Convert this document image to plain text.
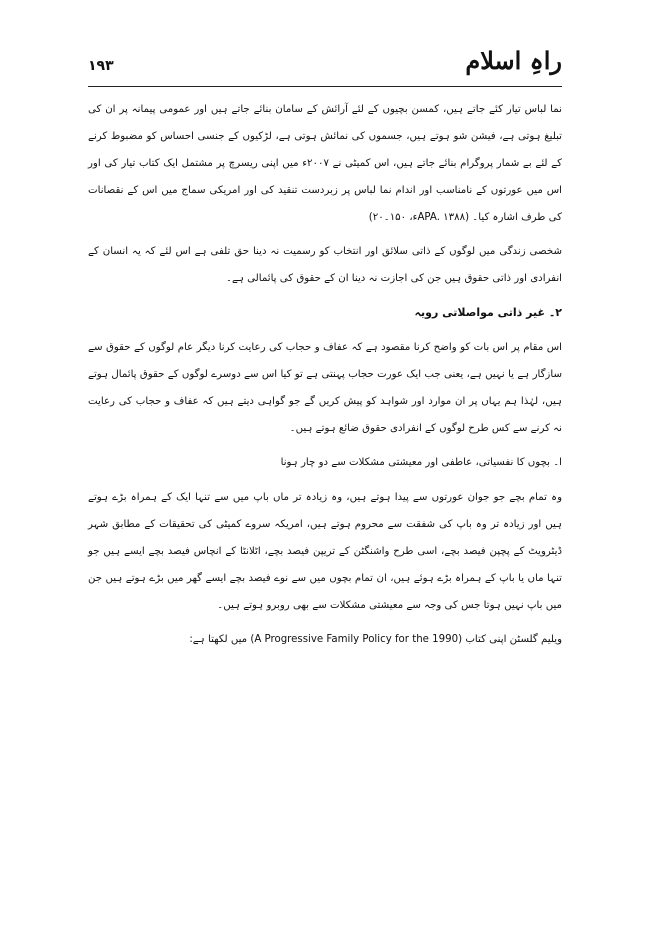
راہِ اسلام
۱۹۳

نما لباس تیار کئے جاتے ہیں، کمسن بچیوں کے لئے آرائش کے سامان بنائے جاتے ہیں اور عمومی پیمانہ پر ان کی تبلیغ ہوتی ہے، فیشن شو ہوتے ہیں، جسموں کی نمائش ہوتی ہے، لڑکیوں کے جنسی احساس کو مضبوط کرنے کے لئے بے شمار پروگرام بنائے جاتے ہیں، اس کمیٹی نے ۲۰۰۷ء میں اپنی ریسرچ پر مشتمل ایک کتاب تیار کی اور اس میں عورتوں کے نامناسب اور اندام نما لباس پر زبردست تنقید کی اور امریکی سماج میں اس کے نقصانات کی طرف اشارہ کیا۔ (APA. ۱۳۸۸ء، ۱۵۰۔۲۰)

شخصی زندگی میں لوگوں کے ذاتی سلائق اور انتخاب کو رسمیت نہ دینا حق تلفی ہے اس لئے کہ یہ انسان کے انفرادی اور ذاتی حقوق ہیں جن کی اجازت نہ دینا ان کے حقوق کی پائمالی ہے۔

۲۔ غیر ذاتی مواصلاتی رویہ

اس مقام پر اس بات کو واضح کرنا مقصود ہے کہ عفاف و حجاب کی رعایت کرنا دیگر عام لوگوں کے حقوق سے سازگار ہے یا نہیں ہے، یعنی جب ایک عورت حجاب پہنتی ہے تو کیا اس سے دوسرے لوگوں کے حقوق پائمال ہوتے ہیں، لہٰذا ہم یہاں پر ان موارد اور شواہد کو پیش کریں گے جو گواہی دیتے ہیں کہ عفاف و حجاب کی رعایت نہ کرنے سے کس طرح لوگوں کے انفرادی حقوق ضائع ہوتے ہیں۔

ا۔ بچوں کا نفسیاتی، عاطفی اور معیشتی مشکلات سے دو چار ہونا

وہ تمام بچے جو جوان عورتوں سے پیدا ہوتے ہیں، وہ زیادہ تر ماں باپ میں سے تنہا ایک کے ہمراہ بڑے ہوتے ہیں اور زیادہ تر وہ باپ کی شفقت سے محروم ہوتے ہیں، امریکہ سروے کمیٹی کی تحقیقات کے مطابق شہر ڈیٹرویٹ کے پچپن فیصد بچے، اسی طرح واشنگٹن کے تریپن فیصد بچے، اٹلانٹا کے انچاس فیصد بچے ایسے ہیں جو تنہا ماں یا باپ کے ہمراہ بڑے ہوئے ہیں، ان تمام بچوں میں سے نوے فیصد بچے ایسے گھر میں بڑے ہوتے ہیں جن میں باپ نہیں ہوتا جس کی وجہ سے معیشتی مشکلات سے بھی روبرو ہوتے ہیں۔

ویلیم گلسٹن اپنی کتاب (A Progressive Family Policy for the 1990) میں لکھتا ہے:
